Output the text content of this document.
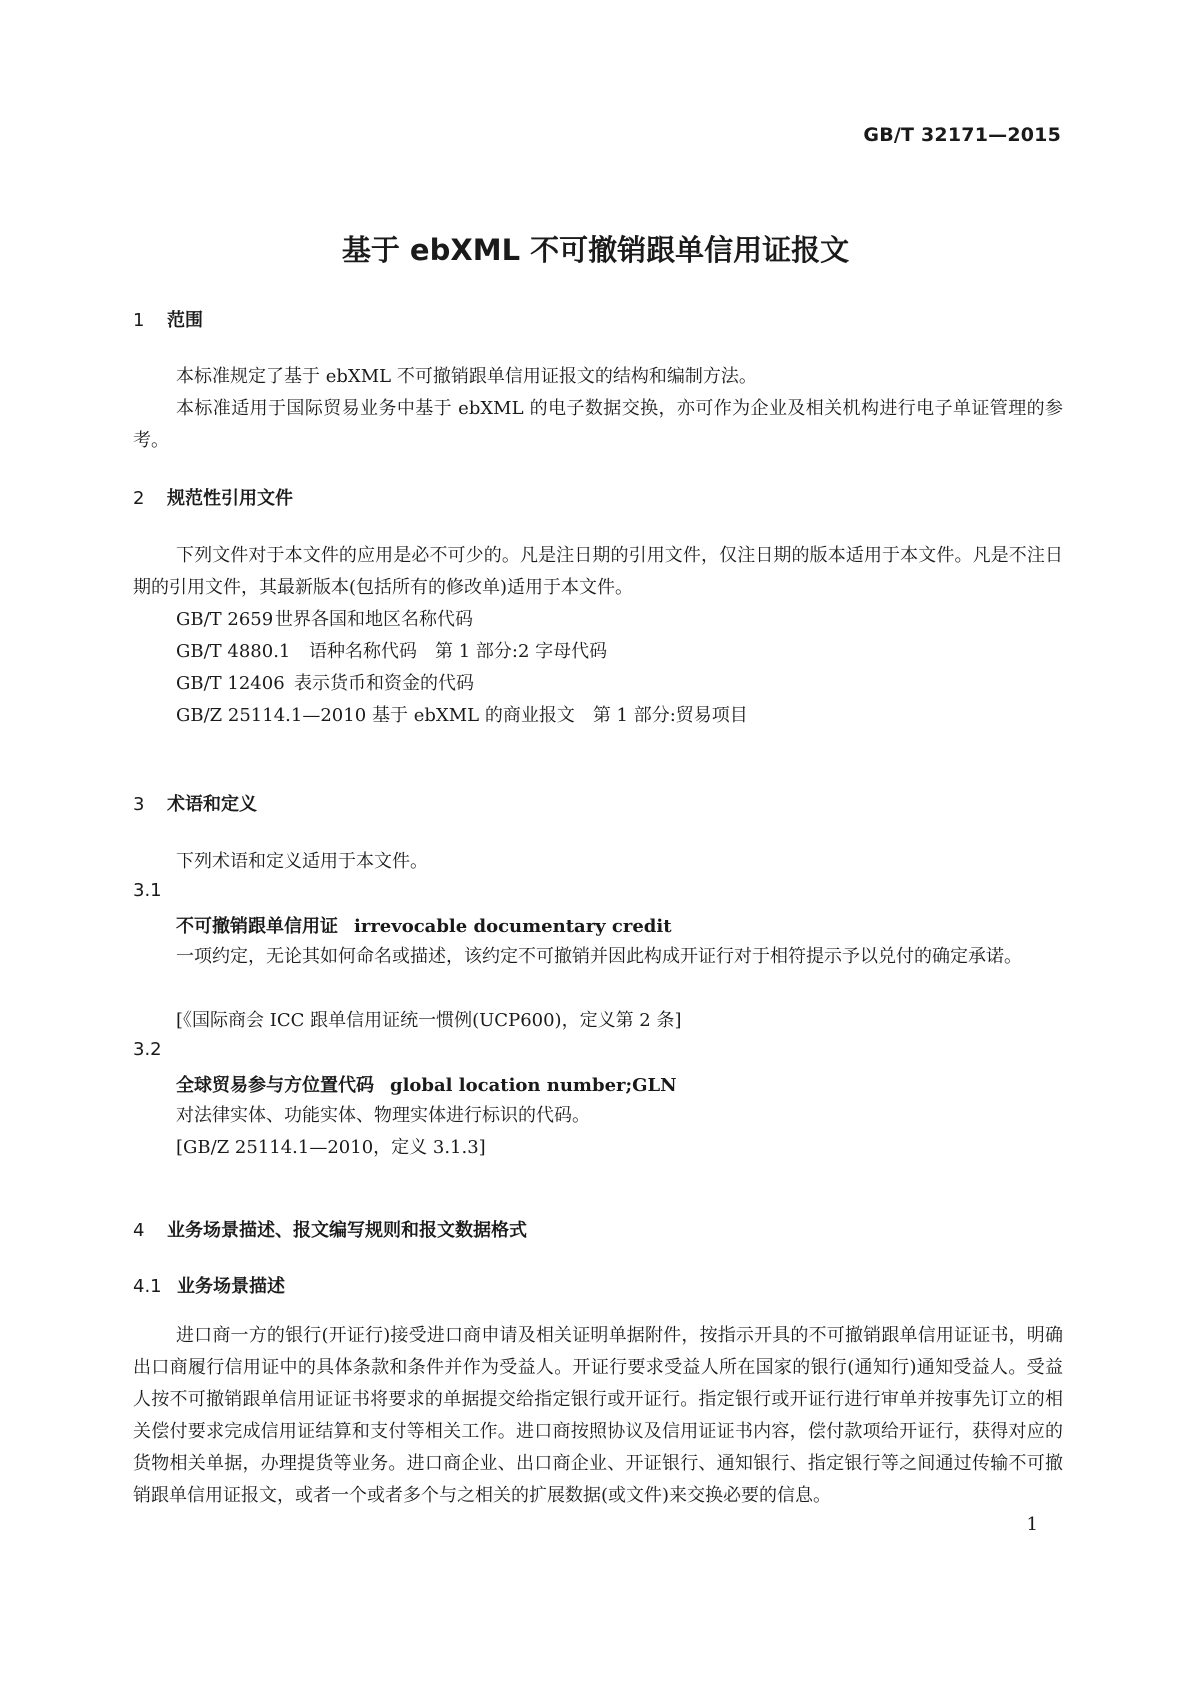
GB/T 32171—2015
基于 ebXML 不可撤销跟单信用证报文
1 范围

本标准规定了基于 ebXML 不可撤销跟单信用证报文的结构和编制方法。

本标准适用于国际贸易业务中基于 ebXML 的电子数据交换，亦可作为企业及相关机构进行电子单证管理的参考。

2 规范性引用文件

下列文件对于本文件的应用是必不可少的。凡是注日期的引用文件，仅注日期的版本适用于本文件。凡是不注日期的引用文件，其最新版本(包括所有的修改单)适用于本文件。

GB/T 2659世界各国和地区名称代码
GB/T 4880.1 语种名称代码　第 1 部分:2 字母代码
GB/T 12406 表示货币和资金的代码
GB/Z 25114.1—2010 基于 ebXML 的商业报文　第 1 部分:贸易项目
3 术语和定义
下列术语和定义适用于本文件。
3.1
不可撤销跟单信用证 irrevocable documentary credit

一项约定，无论其如何命名或描述，该约定不可撤销并因此构成开证行对于相符提示予以兑付的确定承诺。

[《国际商会 ICC 跟单信用证统一惯例(UCP600)，定义第 2 条]
3.2
全球贸易参与方位置代码 global location number;GLN
对法律实体、功能实体、物理实体进行标识的代码。
[GB/Z 25114.1—2010，定义 3.1.3]
4 业务场景描述、报文编写规则和报文数据格式
4.1 业务场景描述

进口商一方的银行(开证行)接受进口商申请及相关证明单据附件，按指示开具的不可撤销跟单信用证证书，明确出口商履行信用证中的具体条款和条件并作为受益人。开证行要求受益人所在国家的银行(通知行)通知受益人。受益人按不可撤销跟单信用证证书将要求的单据提交给指定银行或开证行。指定银行或开证行进行审单并按事先订立的相关偿付要求完成信用证结算和支付等相关工作。进口商按照协议及信用证证书内容，偿付款项给开证行，获得对应的货物相关单据，办理提货等业务。进口商企业、出口商企业、开证银行、通知银行、指定银行等之间通过传输不可撤销跟单信用证报文，或者一个或者多个与之相关的扩展数据(或文件)来交换必要的信息。

1
